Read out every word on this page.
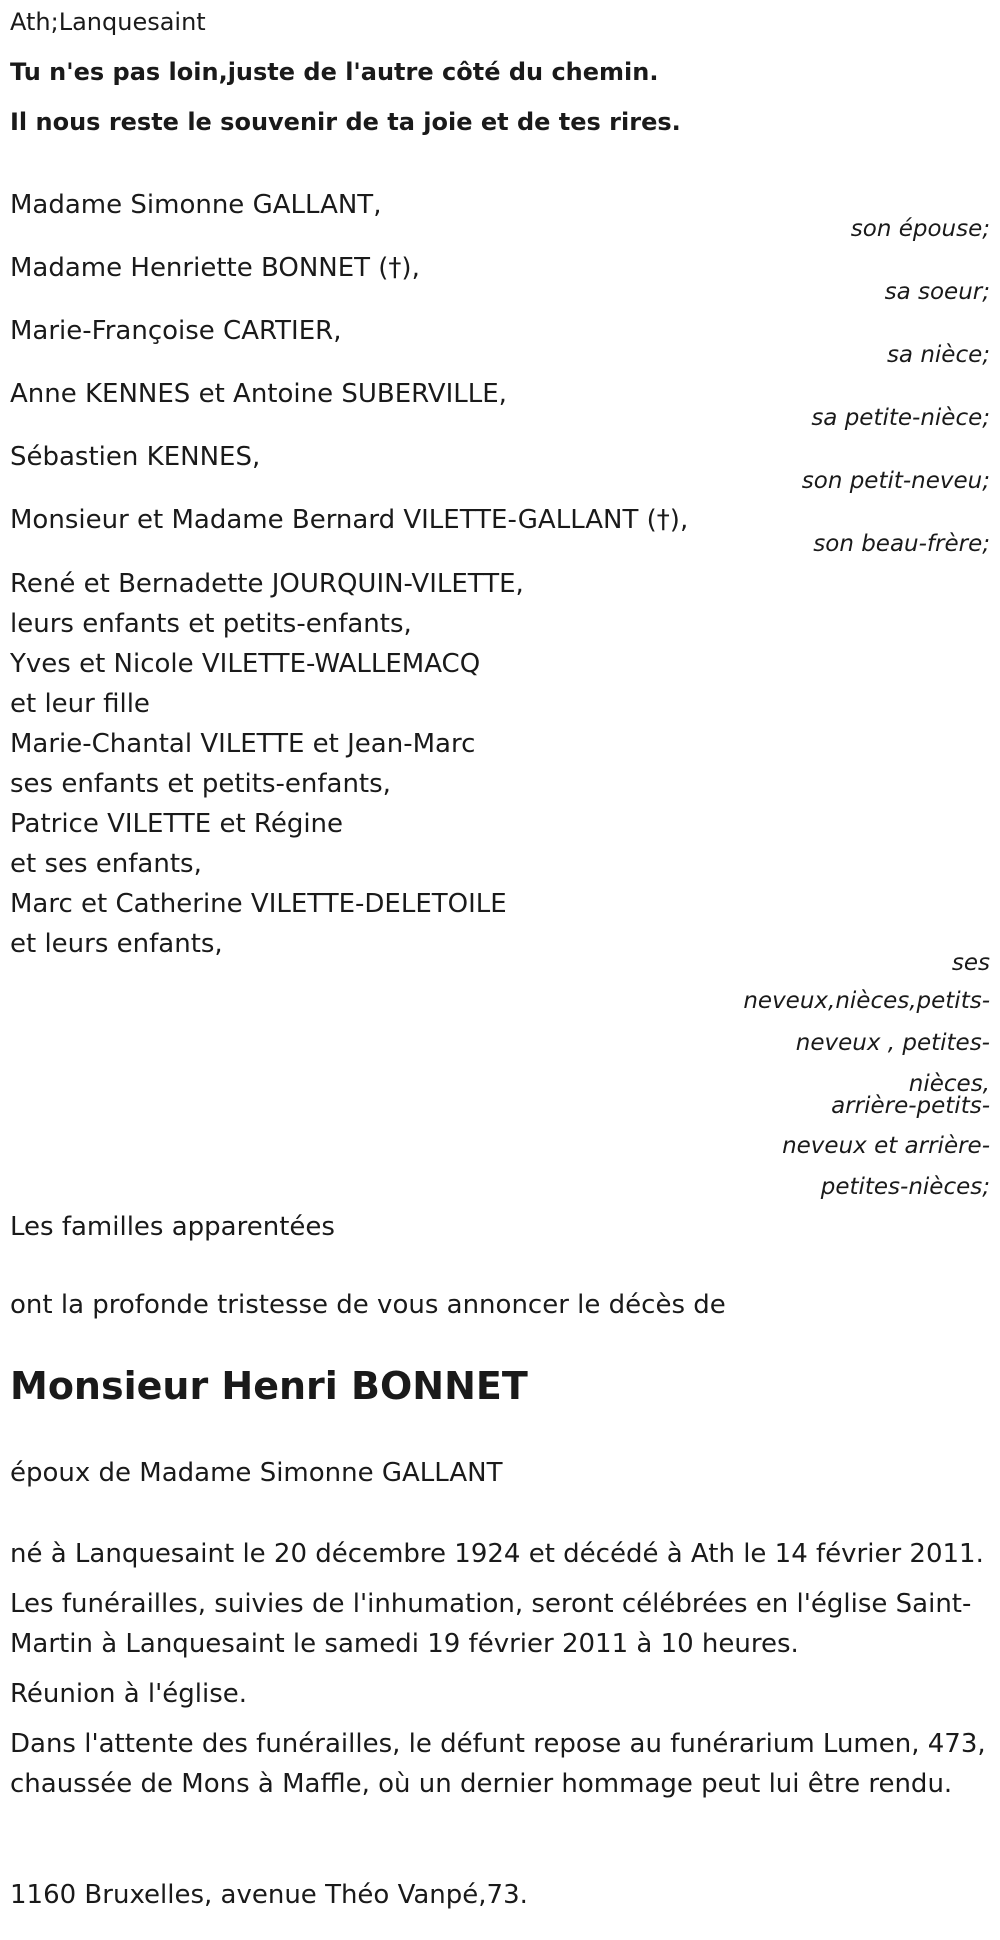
Ath;Lanquesaint
Tu n'es pas loin,juste de l'autre côté du chemin.
Il nous reste le souvenir de ta joie et de tes rires.
Madame Simonne GALLANT,
son épouse;
Madame Henriette BONNET (†),
sa soeur;
Marie-Françoise CARTIER,
sa nièce;
Anne KENNES et Antoine SUBERVILLE,
sa petite-nièce;
Sébastien KENNES,
son petit-neveu;
Monsieur et Madame Bernard VILETTE-GALLANT (†),
son beau-frère;
René et Bernadette JOURQUIN-VILETTE,
leurs enfants et petits-enfants,
Yves et Nicole VILETTE-WALLEMACQ
et leur fille
Marie-Chantal VILETTE et Jean-Marc
ses enfants et petits-enfants,
Patrice VILETTE et Régine
et ses enfants,
Marc et Catherine VILETTE-DELETOILE
et leurs enfants,
ses
neveux,nièces,petits-
neveux , petites-
nièces,
arrière-petits-
neveux et arrière-
petites-nièces;
Les familles apparentées
ont la profonde tristesse de vous annoncer le décès de
Monsieur Henri BONNET
époux de Madame Simonne GALLANT
né à Lanquesaint le 20 décembre 1924 et décédé à Ath le 14 février 2011.
Les funérailles, suivies de l'inhumation, seront célébrées en l'église Saint-Martin à Lanquesaint le samedi 19 février 2011 à 10 heures.
Réunion à l'église.
Dans l'attente des funérailles, le défunt repose au funérarium Lumen, 473, chaussée de Mons à Maffle, où un dernier hommage peut lui être rendu.
1160 Bruxelles, avenue Théo Vanpé,73.
